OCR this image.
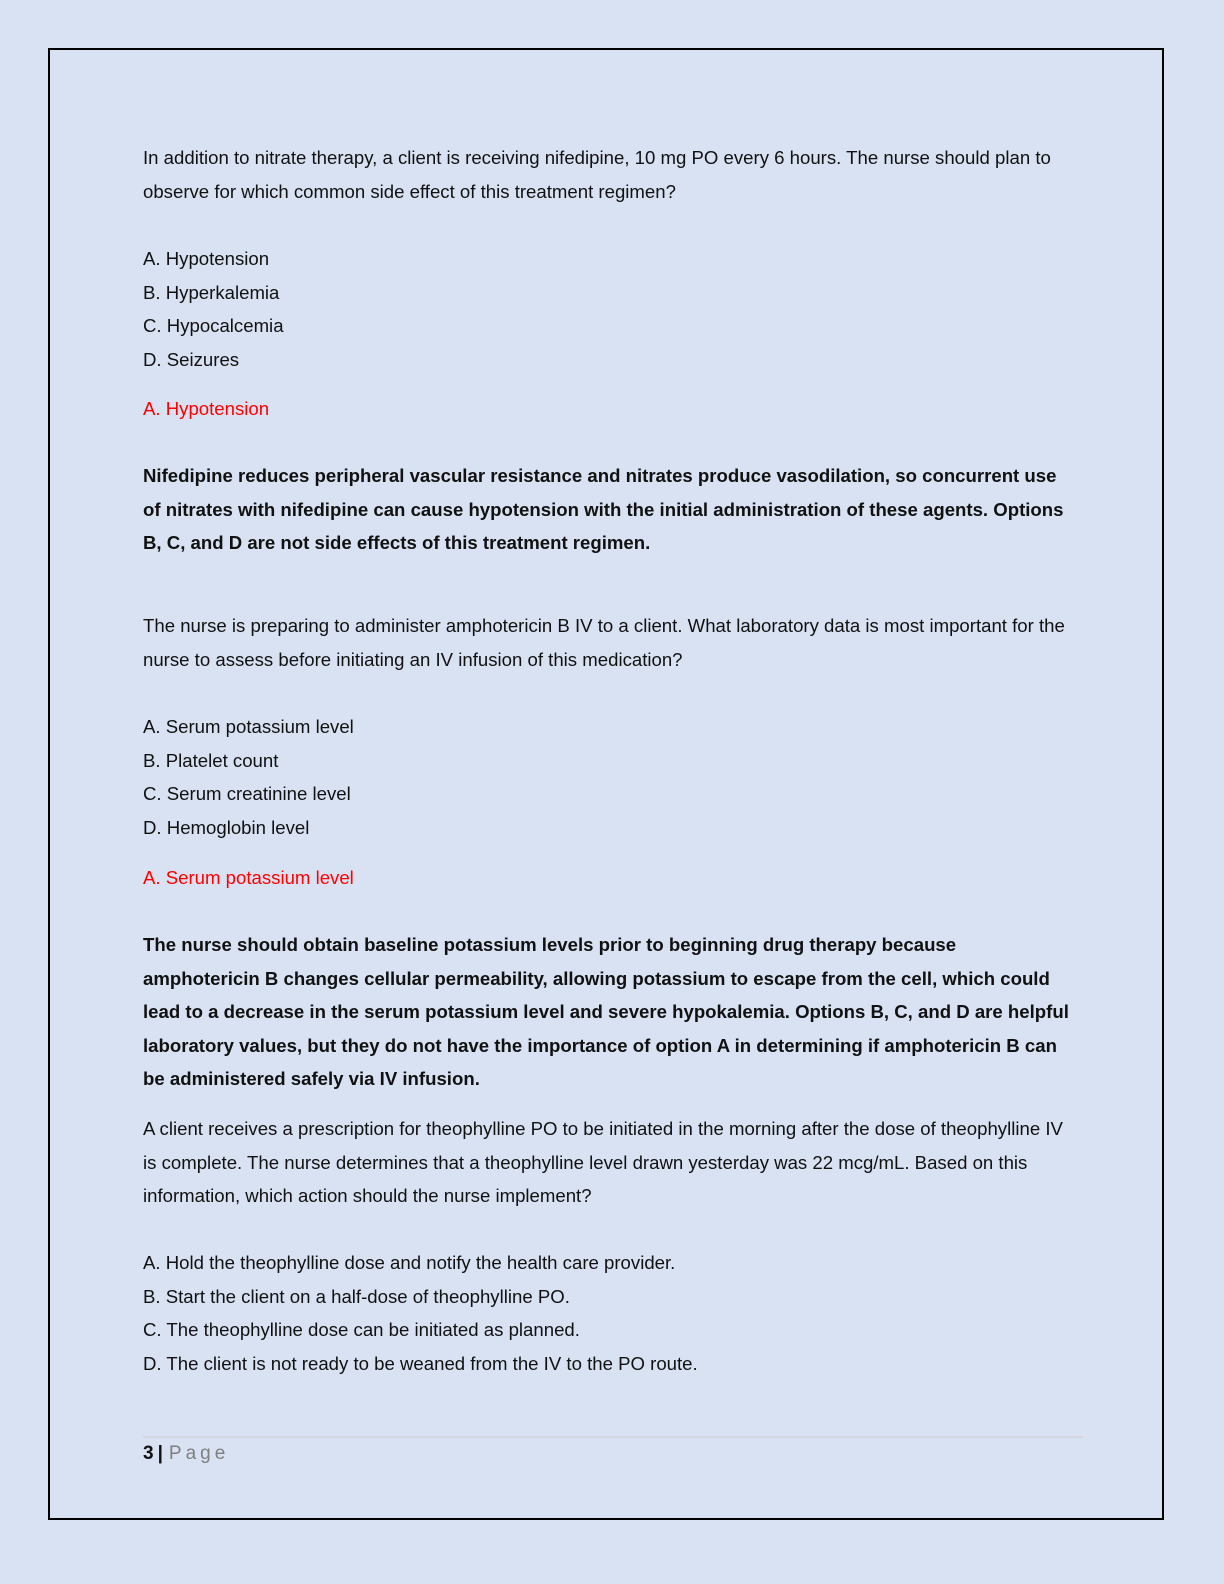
In addition to nitrate therapy, a client is receiving nifedipine, 10 mg PO every 6 hours. The nurse should plan to observe for which common side effect of this treatment regimen?

A. Hypotension
B. Hyperkalemia
C. Hypocalcemia
D. Seizures

A. Hypotension

Nifedipine reduces peripheral vascular resistance and nitrates produce vasodilation, so concurrent use of nitrates with nifedipine can cause hypotension with the initial administration of these agents. Options B, C, and D are not side effects of this treatment regimen.

The nurse is preparing to administer amphotericin B IV to a client. What laboratory data is most important for the nurse to assess before initiating an IV infusion of this medication?

A. Serum potassium level
B. Platelet count
C. Serum creatinine level
D. Hemoglobin level

A. Serum potassium level

The nurse should obtain baseline potassium levels prior to beginning drug therapy because amphotericin B changes cellular permeability, allowing potassium to escape from the cell, which could lead to a decrease in the serum potassium level and severe hypokalemia. Options B, C, and D are helpful laboratory values, but they do not have the importance of option A in determining if amphotericin B can be administered safely via IV infusion.

A client receives a prescription for theophylline PO to be initiated in the morning after the dose of theophylline IV is complete. The nurse determines that a theophylline level drawn yesterday was 22 mcg/mL. Based on this information, which action should the nurse implement?

A. Hold the theophylline dose and notify the health care provider.
B. Start the client on a half-dose of theophylline PO.
C. The theophylline dose can be initiated as planned.
D. The client is not ready to be weaned from the IV to the PO route.
3 | Page
